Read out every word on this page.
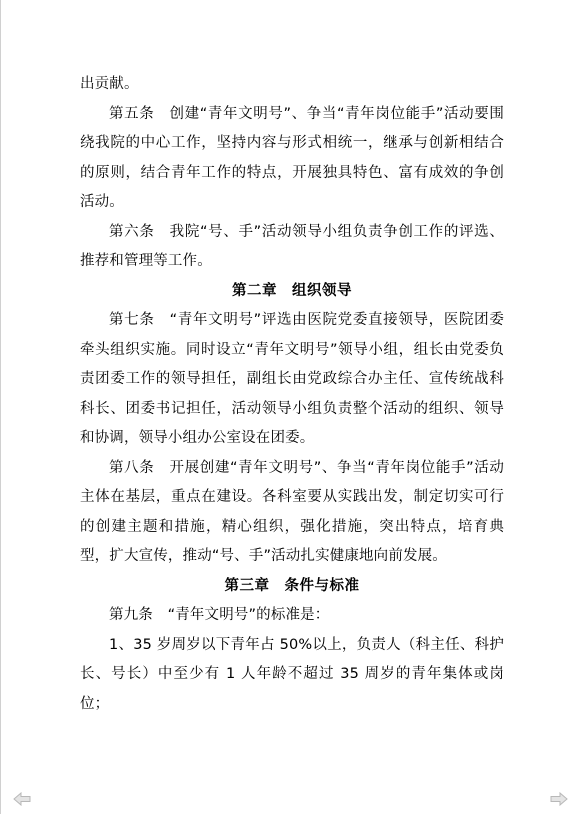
出贡献。

第五条　创建“青年文明号”、争当“青年岗位能手”活动要围绕我院的中心工作，坚持内容与形式相统一，继承与创新相结合的原则，结合青年工作的特点，开展独具特色、富有成效的争创活动。

第六条　我院“号、手”活动领导小组负责争创工作的评选、推荐和管理等工作。

第二章　组织领导

第七条　“青年文明号”评选由医院党委直接领导，医院团委牵头组织实施。同时设立“青年文明号”领导小组，组长由党委负责团委工作的领导担任，副组长由党政综合办主任、宣传统战科科长、团委书记担任，活动领导小组负责整个活动的组织、领导和协调，领导小组办公室设在团委。

第八条　开展创建“青年文明号”、争当“青年岗位能手”活动主体在基层，重点在建设。各科室要从实践出发，制定切实可行的创建主题和措施，精心组织，强化措施，突出特点，培育典型，扩大宣传，推动“号、手”活动扎实健康地向前发展。

第三章　条件与标准

第九条　“青年文明号”的标准是：

1、35 岁周岁以下青年占 50%以上，负责人（科主任、科护长、号长）中至少有 1 人年龄不超过 35 周岁的青年集体或岗位；
